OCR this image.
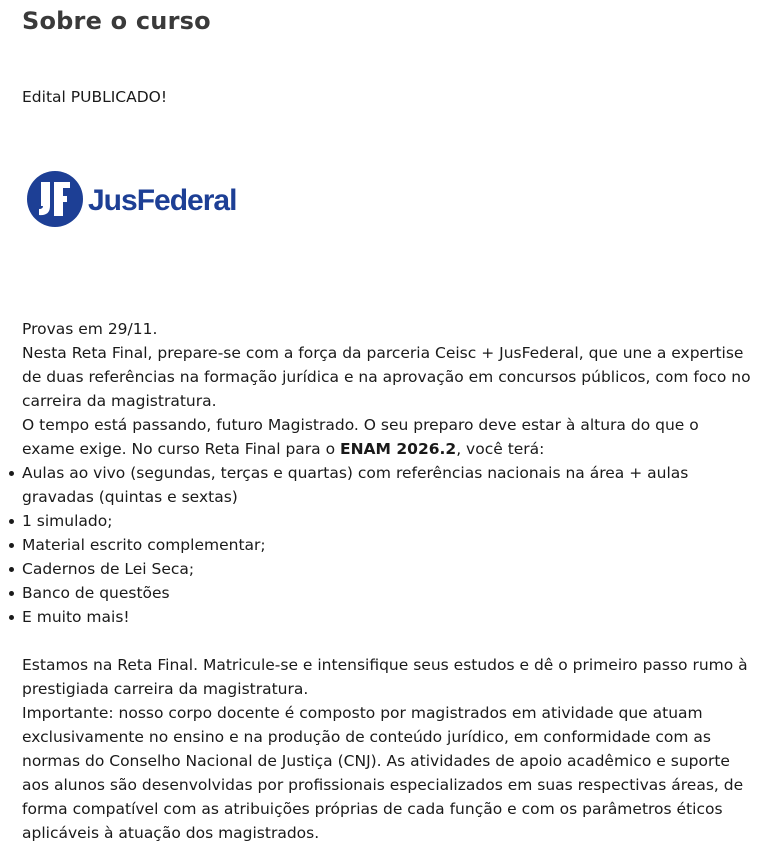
Sobre o curso
Edital PUBLICADO!
JusFederal

Provas em 29/11.

Nesta Reta Final, prepare-se com a força da parceria Ceisc + JusFederal, que une a expertise de duas referências na formação jurídica e na aprovação em concursos públicos, com foco no carreira da magistratura.

O tempo está passando, futuro Magistrado. O seu preparo deve estar à altura do que o exame exige. No curso Reta Final para o ENAM 2026.2, você terá:

Aulas ao vivo (segundas, terças e quartas) com referências nacionais na área + aulas gravadas (quintas e sextas)
1 simulado;
Material escrito complementar;
Cadernos de Lei Seca;
Banco de questões
E muito mais!

Estamos na Reta Final. Matricule-se e intensifique seus estudos e dê o primeiro passo rumo à prestigiada carreira da magistratura.

Importante: nosso corpo docente é composto por magistrados em atividade que atuam exclusivamente no ensino e na produção de conteúdo jurídico, em conformidade com as normas do Conselho Nacional de Justiça (CNJ). As atividades de apoio acadêmico e suporte aos alunos são desenvolvidas por profissionais especializados em suas respectivas áreas, de forma compatível com as atribuições próprias de cada função e com os parâmetros éticos aplicáveis à atuação dos magistrados.
